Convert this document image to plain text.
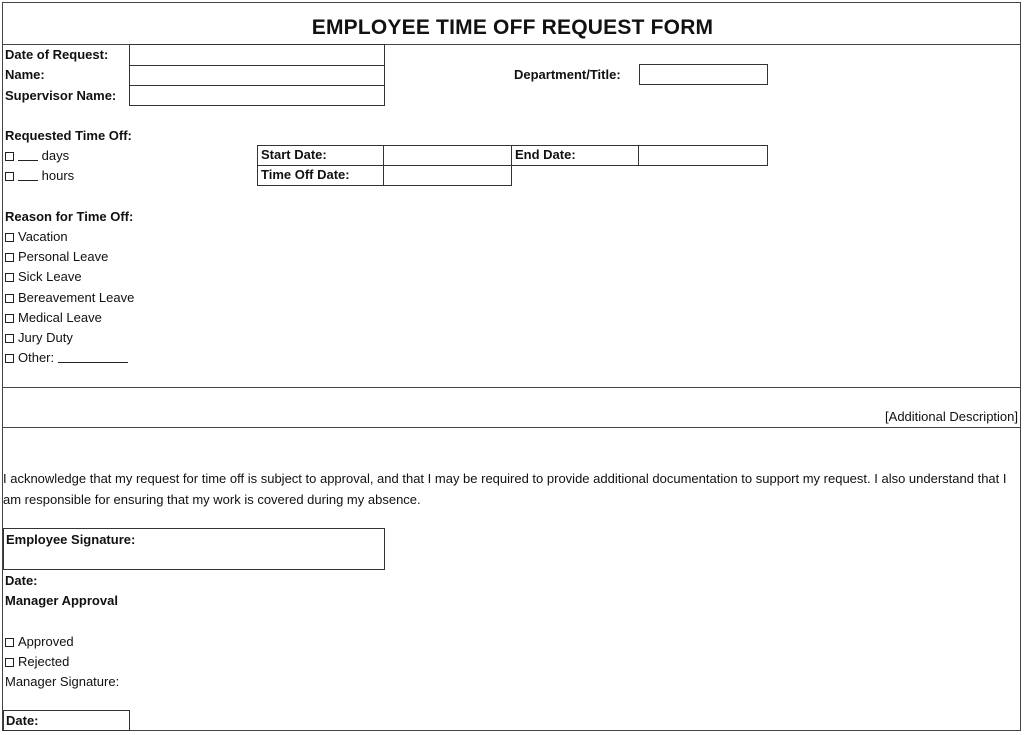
EMPLOYEE TIME OFF REQUEST FORM
Date of Request:
Name:
Supervisor Name:
Department/Title:
Requested Time Off:
days
hours
Start Date:	End Date:
Time Off Date:
Reason for Time Off:
Vacation
Personal Leave
Sick Leave
Bereavement Leave
Medical Leave
Jury Duty
Other:
[Additional Description]
I acknowledge that my request for time off is subject to approval, and that I may be required to provide additional documentation to support my request. I also understand that I am responsible for ensuring that my work is covered during my absence.
Employee Signature:
Date:
Manager Approval
Approved
Rejected
Manager Signature:
Date:
